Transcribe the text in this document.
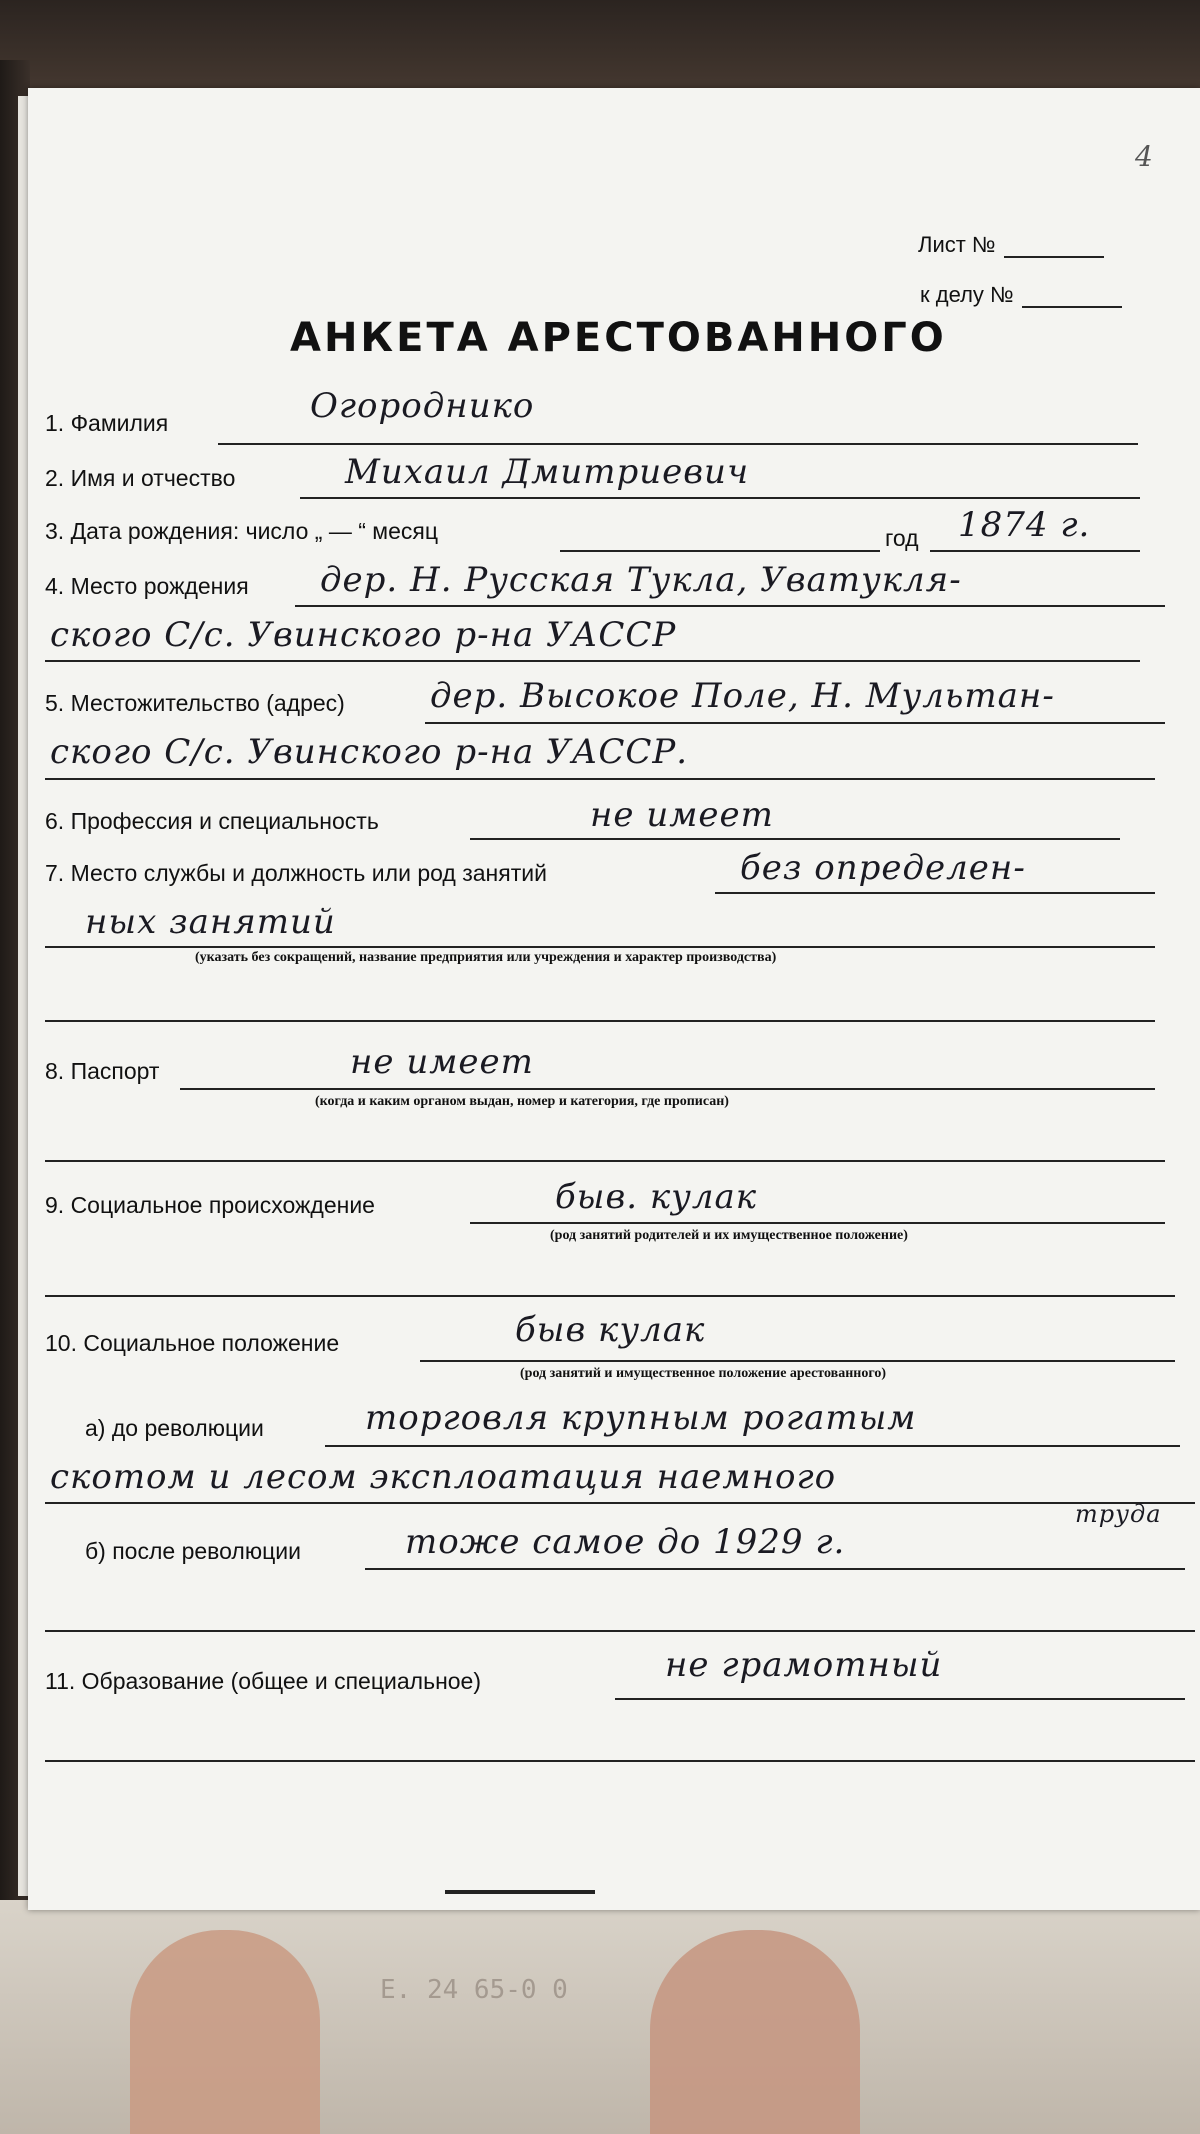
Е. 24 65-0 0
4
Лист №
к делу №
АНКЕТА АРЕСТОВАННОГО
1. Фамилия	Огороднико
2. Имя и отчество	Михаил Дмитриевич
3. Дата рождения: число „ — “ месяц	год 1874 г.
4. Место рождения дер. Н. Русская Тукла, Уватукля-
ского С/с. Увинского р-на УАССР
5. Местожительство (адрес)	дер. Высокое Поле, Н. Мультан-
ского С/с. Увинского р-на УАССР.
6. Профессия и специальность	не имеет
7. Место службы и должность или род занятий	без определен-
ных занятий
(указать без сокращений, название предприятия или учреждения и характер производства)
8. Паспорт	не имеет
(когда и каким органом выдан, номер и категория, где прописан)
9. Социальное происхождение	быв. кулак
(род занятий родителей и их имущественное положение)
10. Социальное положение	быв кулак
(род занятий и имущественное положение арестованного)
а) до революции	торговля крупным рогатым
скотом и лесом эксплоатация наемного
труда
б) после революции	тоже самое до 1929 г.
11. Образование (общее и специальное)	не грамотный
